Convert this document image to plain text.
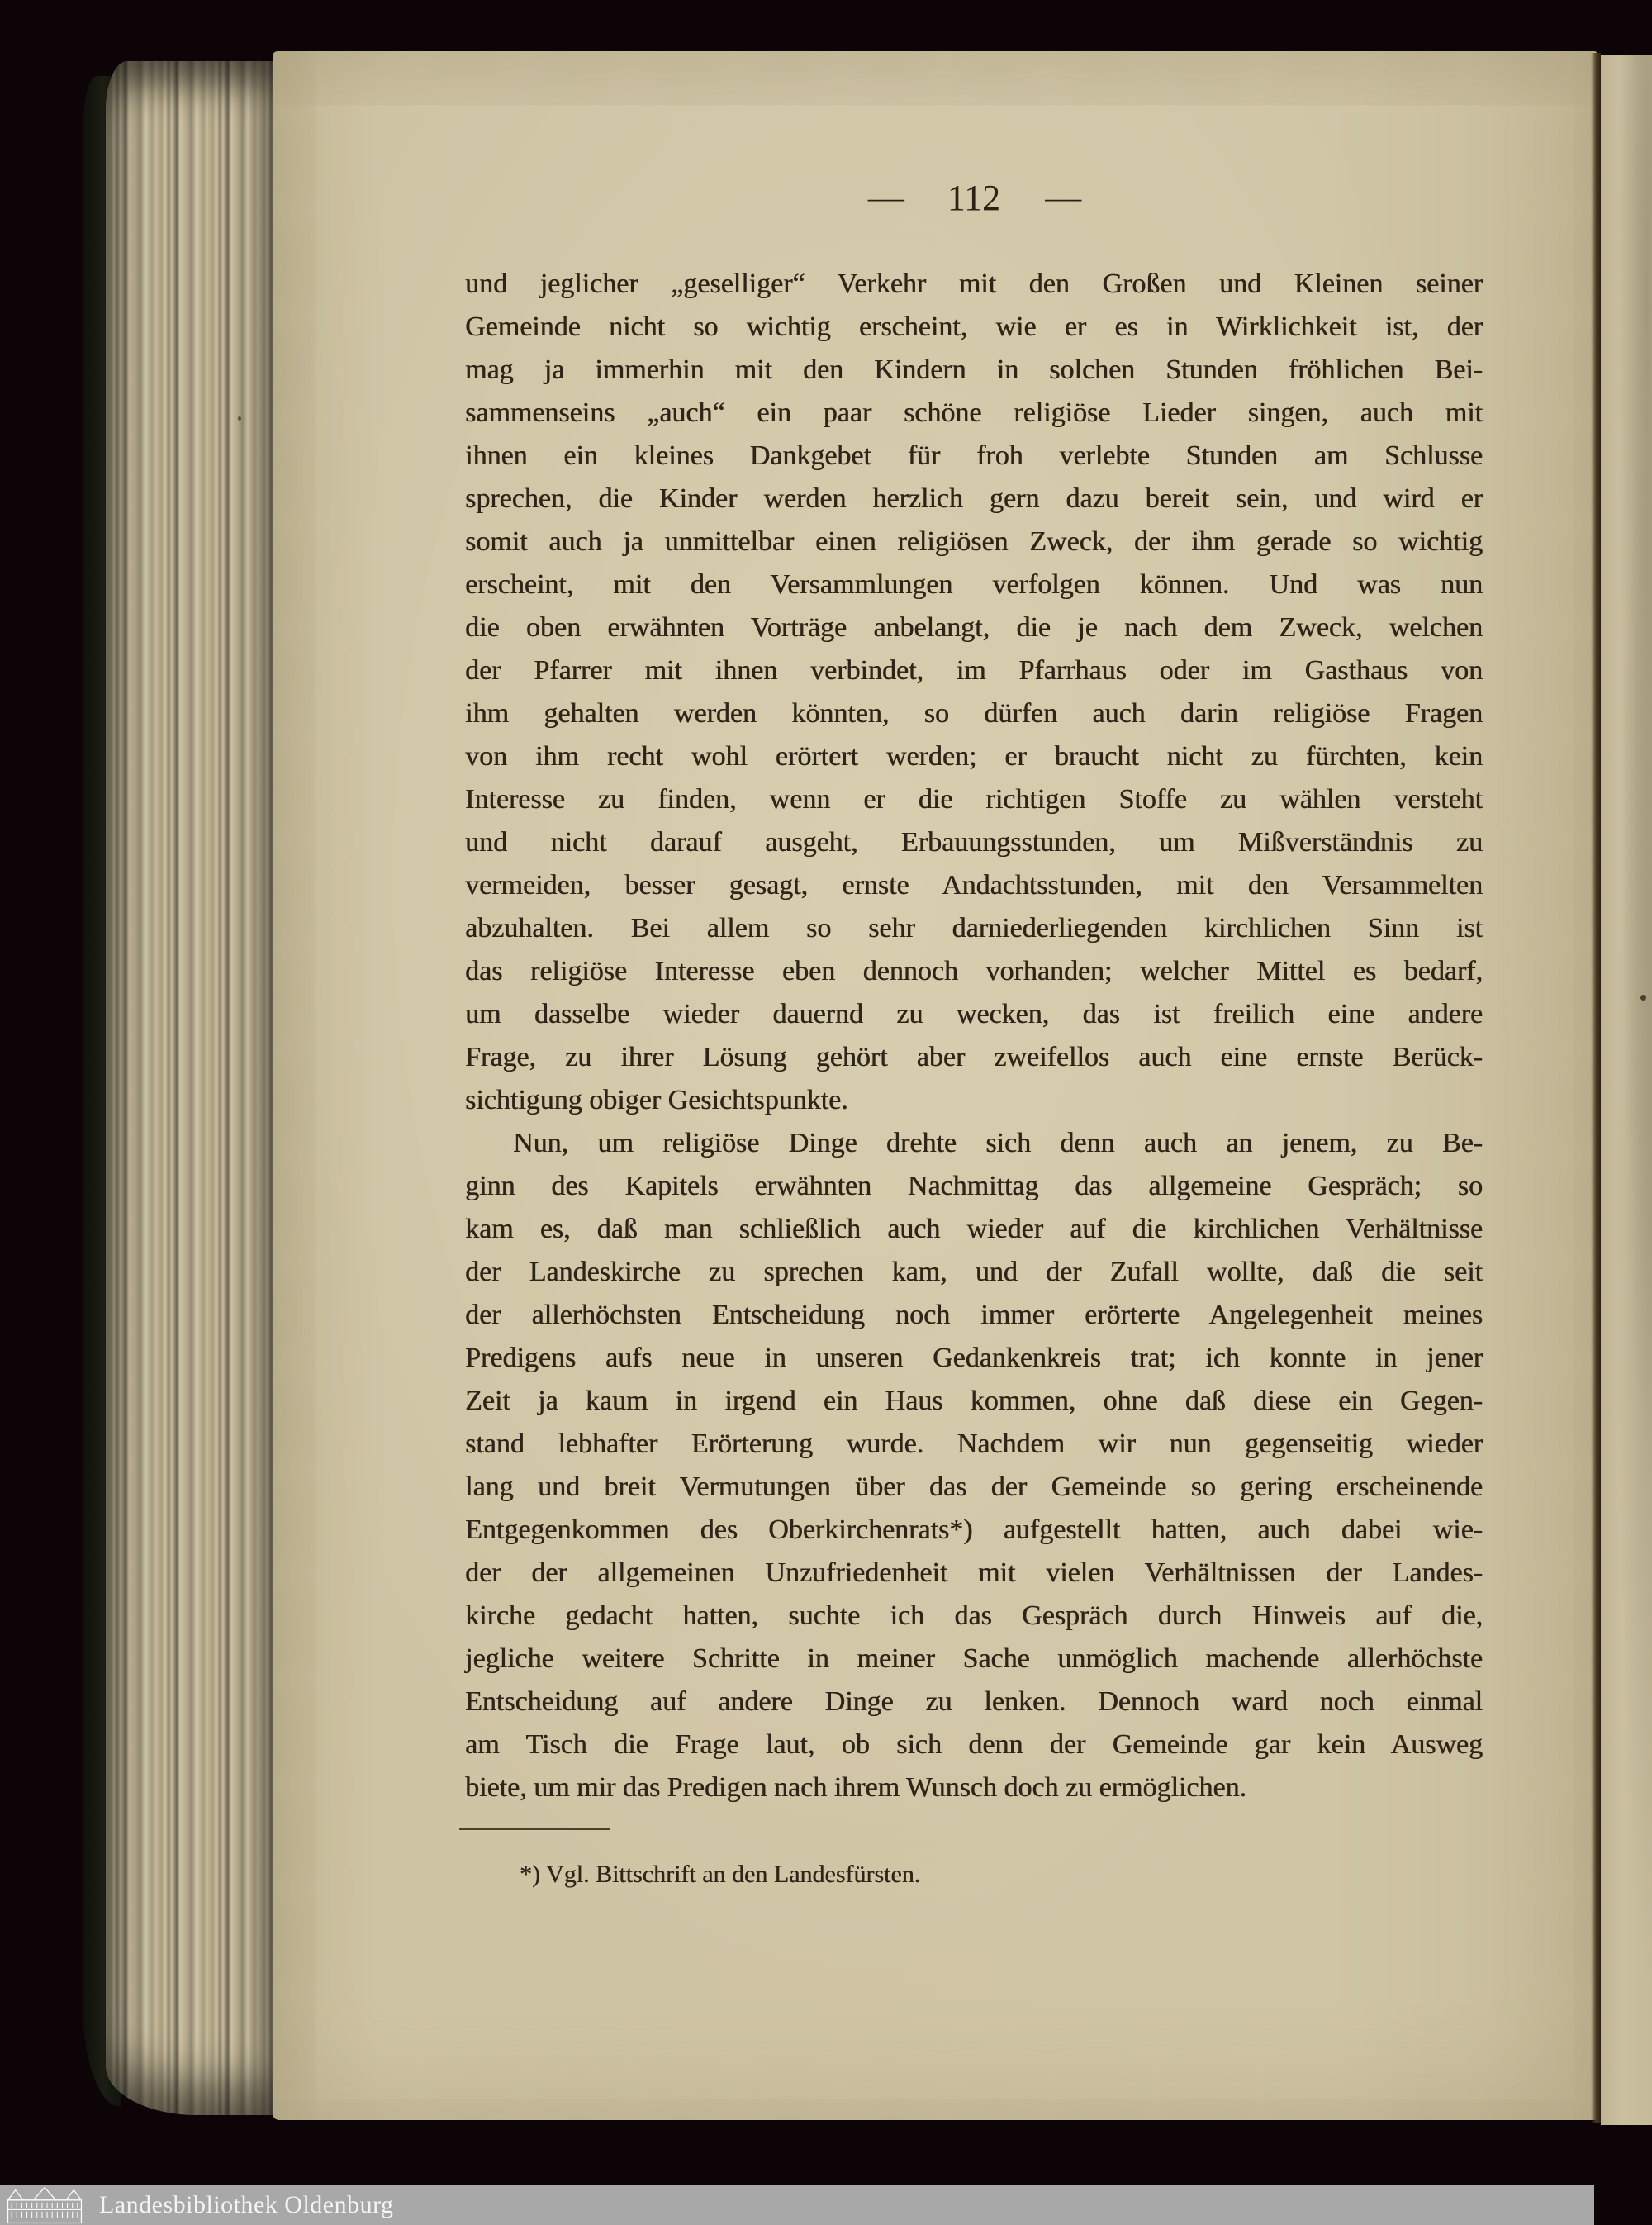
— 112 —
und jeglicher „geselliger“ Verkehr mit den Großen und Kleinen seiner
Gemeinde nicht so wichtig erscheint, wie er es in Wirklichkeit ist, der
mag ja immerhin mit den Kindern in solchen Stunden fröhlichen Bei-
sammenseins „auch“ ein paar schöne religiöse Lieder singen, auch mit
ihnen ein kleines Dankgebet für froh verlebte Stunden am Schlusse
sprechen, die Kinder werden herzlich gern dazu bereit sein, und wird er
somit auch ja unmittelbar einen religiösen Zweck, der ihm gerade so wichtig
erscheint, mit den Versammlungen verfolgen können. Und was nun
die oben erwähnten Vorträge anbelangt, die je nach dem Zweck, welchen
der Pfarrer mit ihnen verbindet, im Pfarrhaus oder im Gasthaus von
ihm gehalten werden könnten, so dürfen auch darin religiöse Fragen
von ihm recht wohl erörtert werden; er braucht nicht zu fürchten, kein
Interesse zu finden, wenn er die richtigen Stoffe zu wählen versteht
und nicht darauf ausgeht, Erbauungsstunden, um Mißverständnis zu
vermeiden, besser gesagt, ernste Andachtsstunden, mit den Versammelten
abzuhalten. Bei allem so sehr darniederliegenden kirchlichen Sinn ist
das religiöse Interesse eben dennoch vorhanden; welcher Mittel es bedarf,
um dasselbe wieder dauernd zu wecken, das ist freilich eine andere
Frage, zu ihrer Lösung gehört aber zweifellos auch eine ernste Berück-
sichtigung obiger Gesichtspunkte.
Nun, um religiöse Dinge drehte sich denn auch an jenem, zu Be-
ginn des Kapitels erwähnten Nachmittag das allgemeine Gespräch; so
kam es, daß man schließlich auch wieder auf die kirchlichen Verhältnisse
der Landeskirche zu sprechen kam, und der Zufall wollte, daß die seit
der allerhöchsten Entscheidung noch immer erörterte Angelegenheit meines
Predigens aufs neue in unseren Gedankenkreis trat; ich konnte in jener
Zeit ja kaum in irgend ein Haus kommen, ohne daß diese ein Gegen-
stand lebhafter Erörterung wurde. Nachdem wir nun gegenseitig wieder
lang und breit Vermutungen über das der Gemeinde so gering erscheinende
Entgegenkommen des Oberkirchenrats*) aufgestellt hatten, auch dabei wie-
der der allgemeinen Unzufriedenheit mit vielen Verhältnissen der Landes-
kirche gedacht hatten, suchte ich das Gespräch durch Hinweis auf die,
jegliche weitere Schritte in meiner Sache unmöglich machende allerhöchste
Entscheidung auf andere Dinge zu lenken. Dennoch ward noch einmal
am Tisch die Frage laut, ob sich denn der Gemeinde gar kein Ausweg
biete, um mir das Predigen nach ihrem Wunsch doch zu ermöglichen.
*) Vgl. Bittschrift an den Landesfürsten.
Landesbibliothek Oldenburg
